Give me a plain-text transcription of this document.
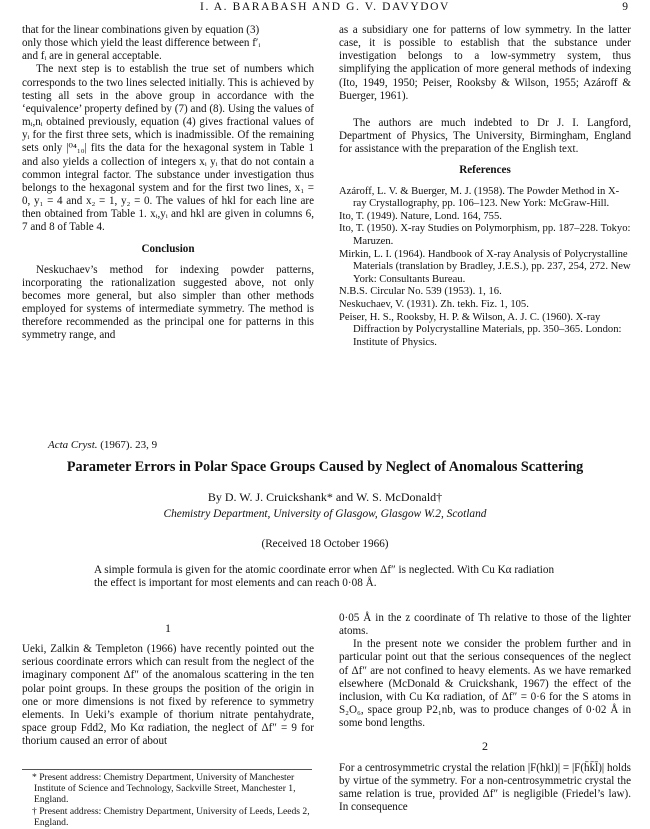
I. A. BARABASH AND G. V. DAVYDOV	9

that for the linear combinations given by equation (3)

only those which yield the least difference between f′ᵢ

and fᵢ are in general acceptable.

The next step is to establish the true set of numbers which corresponds to the two lines selected initially. This is achieved by testing all sets in the above group in accordance with the ‘equivalence’ property defined by (7) and (8). Using the values of mᵢ,nᵢ obtained previously, equation (4) gives fractional values of yᵢ for the first three sets, which is inadmissible. Of the remaining sets only |⁰⁴₁₀| fits the data for the hexagonal system in Table 1 and also yields a collection of integers xᵢ yᵢ that do not contain a common integral factor. The substance under investigation thus belongs to the hexagonal system and for the first two lines, x₁ = 0, y₁ = 4 and x₂ = 1, y₂ = 0. The values of hkl for each line are then obtained from Table 1. xᵢ,yᵢ and hkl are given in columns 6, 7 and 8 of Table 4.

Conclusion

Neskuchaev’s method for indexing powder patterns, incorporating the rationalization suggested above, not only becomes more general, but also simpler than other methods employed for systems of intermediate symmetry. The method is therefore recommended as the principal one for patterns in this symmetry range, and

as a subsidiary one for patterns of low symmetry. In the latter case, it is possible to establish that the substance under investigation belongs to a low-symmetry system, thus simplifying the application of more general methods of indexing (Ito, 1949, 1950; Peiser, Rooksby & Wilson, 1955; Azároff & Buerger, 1961).

The authors are much indebted to Dr J. I. Langford, Department of Physics, The University, Birmingham, England for assistance with the preparation of the English text.

References

Azároff, L. V. & Buerger, M. J. (1958). The Powder Method in X-ray Crystallography, pp. 106–123. New York: McGraw-Hill.

Ito, T. (1949). Nature, Lond. 164, 755.

Ito, T. (1950). X-ray Studies on Polymorphism, pp. 187–228. Tokyo: Maruzen.

Mirkin, L. I. (1964). Handbook of X-ray Analysis of Polycrystalline Materials (translation by Bradley, J.E.S.), pp. 237, 254, 272. New York: Consultants Bureau.

N.B.S. Circular No. 539 (1953). 1, 16.

Neskuchaev, V. (1931). Zh. tekh. Fiz. 1, 105.

Peiser, H. S., Rooksby, H. P. & Wilson, A. J. C. (1960). X-ray Diffraction by Polycrystalline Materials, pp. 350–365. London: Institute of Physics.

Acta Cryst. (1967). 23, 9
Parameter Errors in Polar Space Groups Caused by Neglect of Anomalous Scattering
By D. W. J. Cruickshank* and W. S. McDonald†
Chemistry Department, University of Glasgow, Glasgow W.2, Scotland
(Received 18 October 1966)
A simple formula is given for the atomic coordinate error when Δf″ is neglected. With Cu Kα radiation the effect is important for most elements and can reach 0·08 Å.

1

Ueki, Zalkin & Templeton (1966) have recently pointed out the serious coordinate errors which can result from the neglect of the imaginary component Δf″ of the anomalous scattering in the ten polar point groups. In these groups the position of the origin in one or more dimensions is not fixed by reference to symmetry elements. In Ueki’s example of thorium nitrate pentahydrate, space group Fdd2, Mo Kα radiation, the neglect of Δf″ = 9 for thorium caused an error of about

0·05 Å in the z coordinate of Th relative to those of the lighter atoms.

In the present note we consider the problem further and in particular point out that the serious consequences of the neglect of Δf″ are not confined to heavy elements. As we have remarked elsewhere (McDonald & Cruickshank, 1967) the effect of the inclusion, with Cu Kα radiation, of Δf″ = 0·6 for the S atoms in S₂O₆, space group P2₁nb, was to produce changes of 0·02 Å in some bond lengths.

2

For a centrosymmetric crystal the relation |F(hkl)| = |F(h̄k̄l̄)| holds by virtue of the symmetry. For a non-centrosymmetric crystal the same relation is true, provided Δf″ is negligible (Friedel’s law). In consequence

* Present address: Chemistry Department, University of Manchester Institute of Science and Technology, Sackville Street, Manchester 1, England.

† Present address: Chemistry Department, University of Leeds, Leeds 2, England.
